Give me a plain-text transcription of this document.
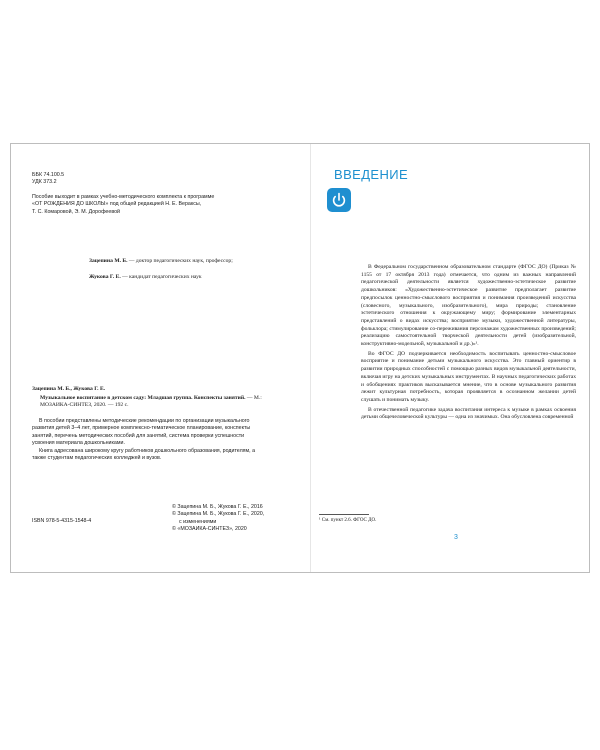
ББК 74.100.5
УДК 373.2
Пособие выходит в рамках учебно-методического комплекта к программе
«ОТ РОЖДЕНИЯ ДО ШКОЛЫ» под общей редакцией Н. Е. Вераксы,
Т. С. Комаровой, Э. М. Дорофеевой
Зацепина М. Б. — доктор педагогических наук, профессор;
Жукова Г. Е. — кандидат педагогических наук
Зацепина М. Б., Жукова Г. Е.
Музыкальное воспитание в детском саду: Младшая группа. Конспекты занятий. — М.: МОЗАИКА-СИНТЕЗ, 2020. — 192 с.
В пособии представлены методические рекомендации по организации музыкального развития детей 3–4 лет, примерное комплексно-тематическое планирование, конспекты занятий, перечень методических пособий для занятий, система проверки успешности усвоения материала дошкольниками.
Книга адресована широкому кругу работников дошкольного образования, родителям, а также студентам педагогических колледжей и вузов.
ISBN 978-5-4315-1548-4
© Зацепина М. Б., Жукова Г. Е., 2016
© Зацепина М. Б., Жукова Г. Е., 2020,
с изменениями
© «МОЗАИКА-СИНТЕЗ», 2020
ВВЕДЕНИЕ
В Федеральном государственном образовательном стандарте (ФГОС ДО) (Приказ № 1155 от 17 октября 2013 года) отмечается, что одним из важных направлений педагогической деятельности является художественно-эстетическое развитие дошкольников: «Художественно-эстетическое развитие предполагает развитие предпосылок ценностно-смыслового восприятия и понимания произведений искусства (словесного, музыкального, изобразительного), мира природы; становление эстетического отношения к окружающему миру; формирование элементарных представлений о видах искусства; восприятие музыки, художественной литературы, фольклора; стимулирование со-переживания персонажам художественных произведений; реализацию самостоятельной творческой деятельности детей (изобразительной, конструктивно-модельной, музыкальной и др.)»¹.
Во ФГОС ДО подчеркивается необходимость воспитывать ценностно-смысловое восприятие и понимание детьми музыкального искусства. Это главный ориентир в развитии природных способностей с помощью разных видов музыкальной деятельности, включая игру на детских музыкальных инструментах. В научных педагогических работах и обобщениях практиков высказывается мнение, что в основе музыкального развития лежит культурная потребность, которая проявляется в осознанном желании детей слушать и понимать музыку.
В отечественной педагогике задача воспитания интереса к музыке в рамках освоения детьми общечеловеческой культуры — одна из значимых. Она обусловлена современной
¹ См. пункт 2.6. ФГОС ДО.
3
